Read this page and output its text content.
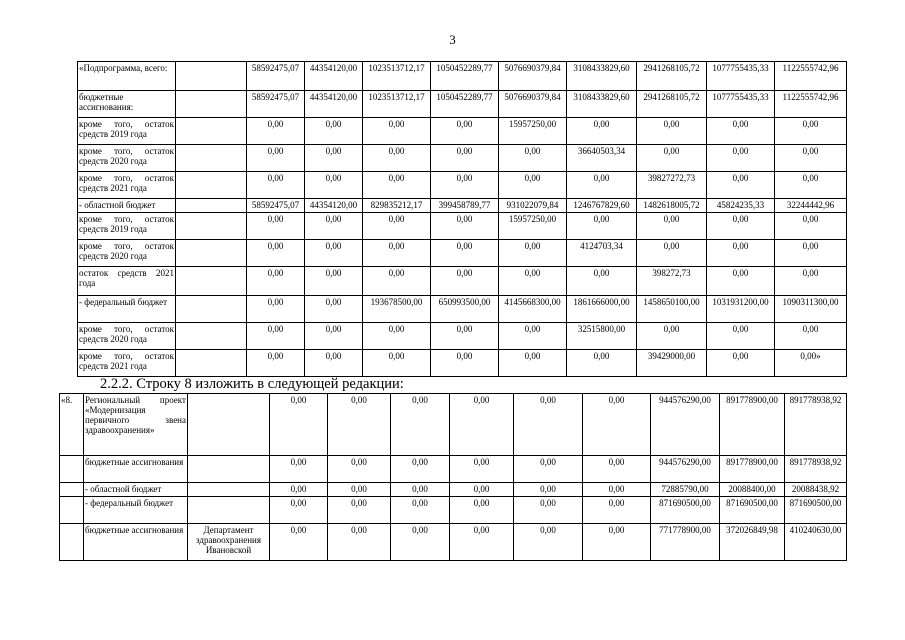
3
«Подпрограмма, всего:		58592475,07	44354120,00	1023513712,17	1050452289,77	5076690379,84	3108433829,60	2941268105,72	1077755435,33	1122555742,96
бюджетные ассигнования:		58592475,07	44354120,00	1023513712,17	1050452289,77	5076690379,84	3108433829,60	2941268105,72	1077755435,33	1122555742,96
кроме того, остаток средств 2019 года		0,00	0,00	0,00	0,00	15957250,00	0,00	0,00	0,00	0,00
кроме того, остаток средств 2020 года		0,00	0,00	0,00	0,00	0,00	36640503,34	0,00	0,00	0,00
кроме того, остаток средств 2021 года		0,00	0,00	0,00	0,00	0,00	0,00	39827272,73	0,00	0,00
- областной бюджет		58592475,07	44354120,00	829835212,17	399458789,77	931022079,84	1246767829,60	1482618005,72	45824235,33	32244442,96
кроме того, остаток средств 2019 года		0,00	0,00	0,00	0,00	15957250,00	0,00	0,00	0,00	0,00
кроме того, остаток средств 2020 года		0,00	0,00	0,00	0,00	0,00	4124703,34	0,00	0,00	0,00
остаток средств 2021 года		0,00	0,00	0,00	0,00	0,00	0,00	398272,73	0,00	0,00
- федеральный бюджет		0,00	0,00	193678500,00	650993500,00	4145668300,00	1861666000,00	1458650100,00	1031931200,00	1090311300,00
кроме того, остаток средств 2020 года		0,00	0,00	0,00	0,00	0,00	32515800,00	0,00	0,00	0,00
кроме того, остаток средств 2021 года		0,00	0,00	0,00	0,00	0,00	0,00	39429000,00	0,00	0,00»
2.2.2. Строку 8 изложить в следующей редакции:
«8.	Региональный проект «Модернизация первичного звена здравоохранения»		0,00	0,00	0,00	0,00	0,00	0,00	944576290,00	891778900,00	891778938,92
	бюджетные ассигнования		0,00	0,00	0,00	0,00	0,00	0,00	944576290,00	891778900,00	891778938,92
	- областной бюджет		0,00	0,00	0,00	0,00	0,00	0,00	72885790,00	20088400,00	20088438,92
	- федеральный бюджет		0,00	0,00	0,00	0,00	0,00	0,00	871690500,00	871690500,00	871690500,00
	бюджетные ассигнования	Департамент здравоохранения Ивановской	0,00	0,00	0,00	0,00	0,00	0,00	771778900,00	372026849,98	410240630,00
